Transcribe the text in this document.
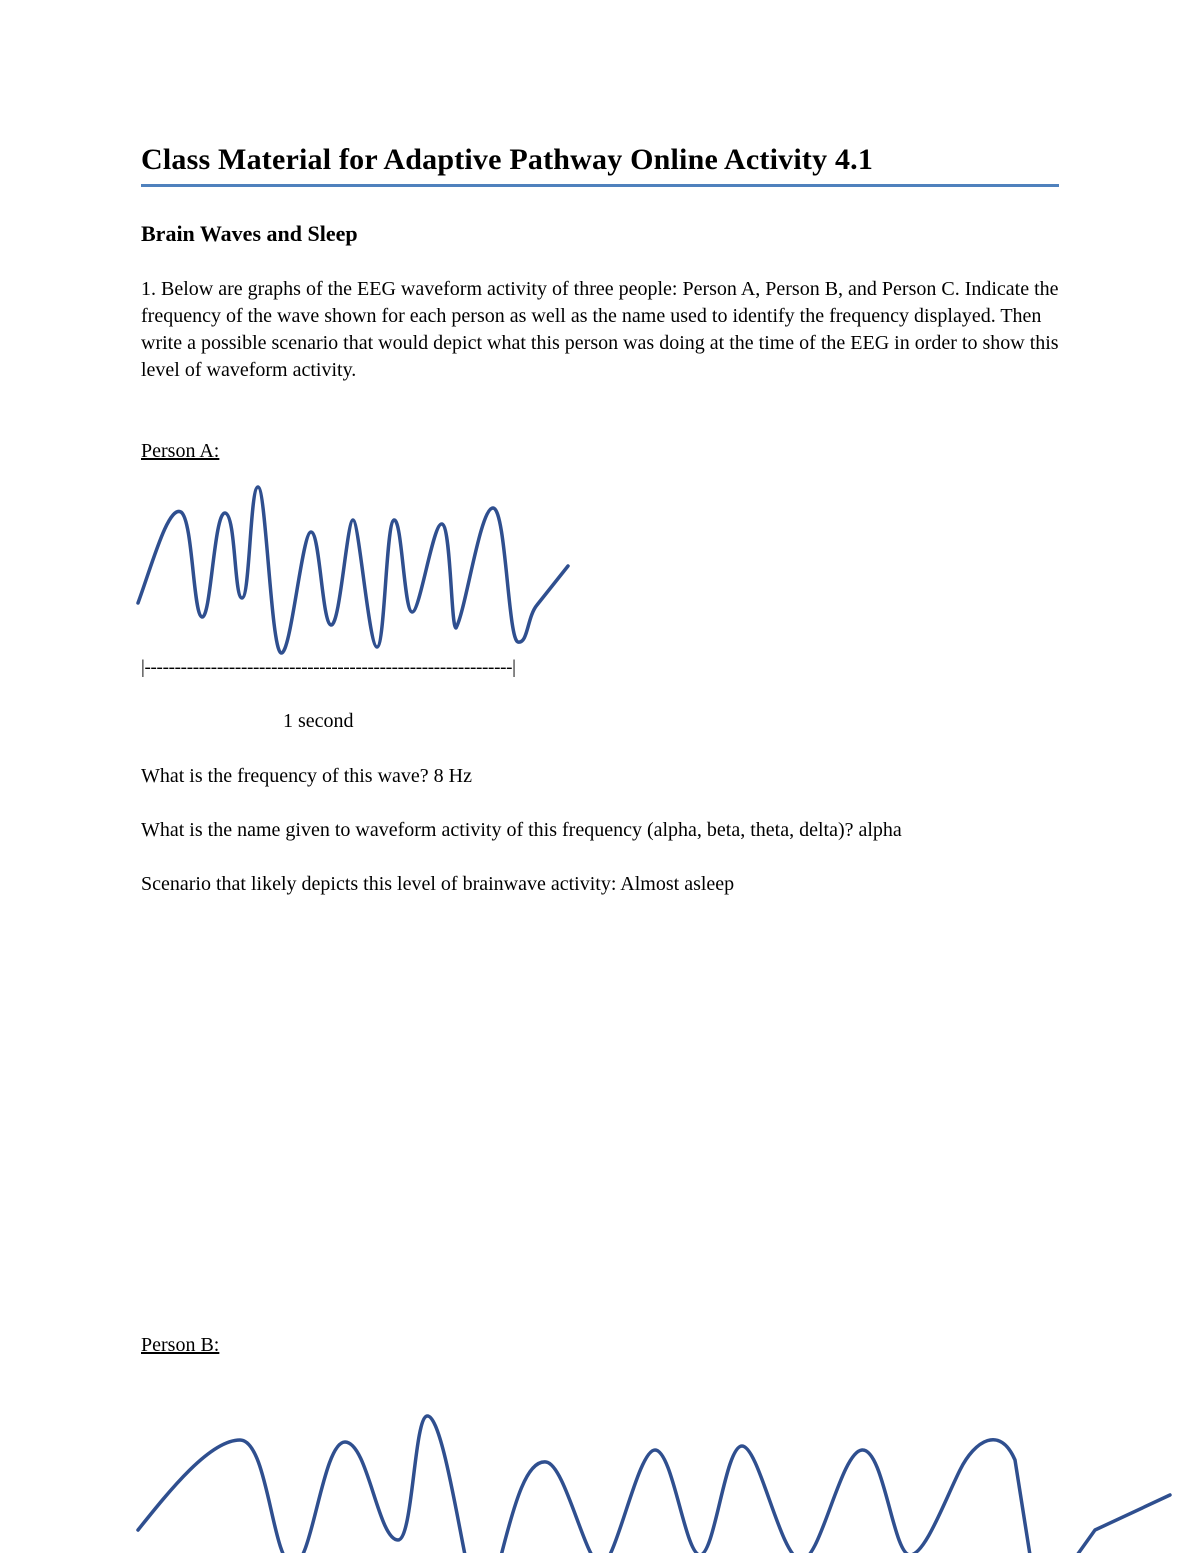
Class Material for Adaptive Pathway Online Activity 4.1
Brain Waves and Sleep
1. Below are graphs of the EEG waveform activity of three people: Person A, Person B, and Person C. Indicate the frequency of the wave shown for each person as well as the name used to identify the frequency displayed. Then write a possible scenario that would depict what this person was doing at the time of the EEG in order to show this level of waveform activity.
Person A:
|-------------------------------------------------------------|
1 second
What is the frequency of this wave? 8 Hz
What is the name given to waveform activity of this frequency (alpha, beta, theta, delta)? alpha
Scenario that likely depicts this level of brainwave activity: Almost asleep
Person B:
